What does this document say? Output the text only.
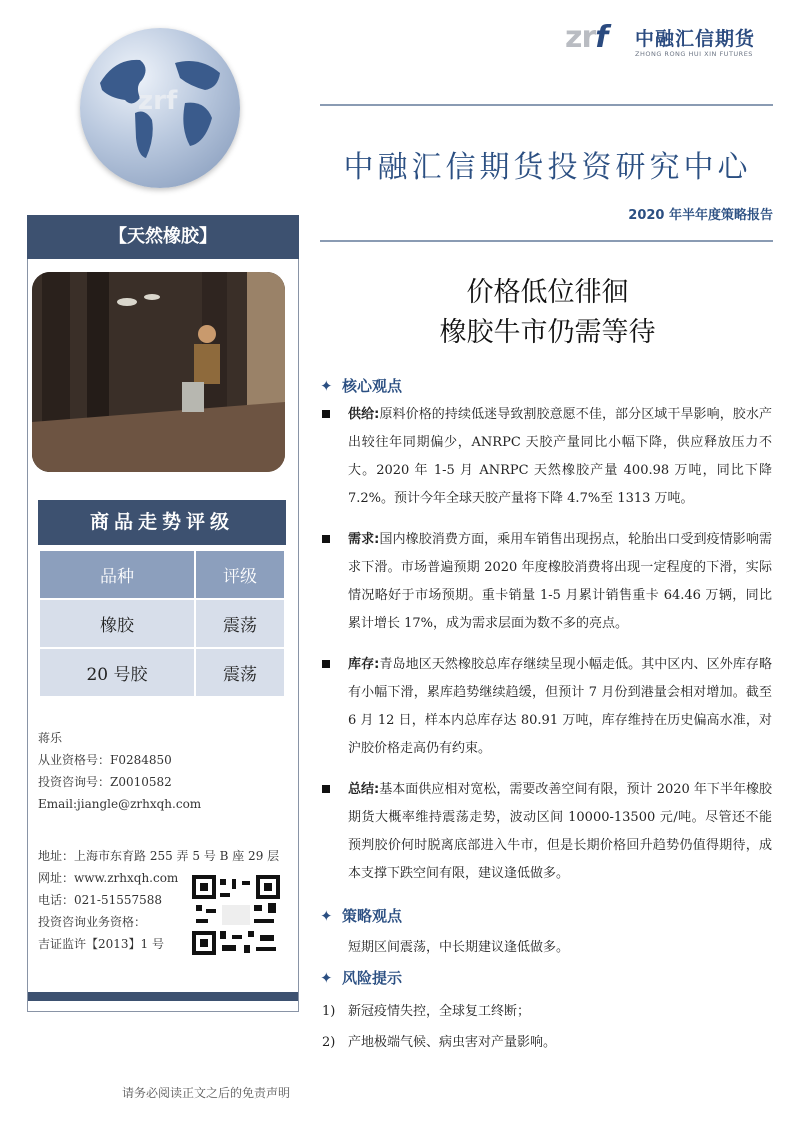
zrf
zrf 中融汇信期货
ZHONG RONG HUI XIN FUTURES
中融汇信期货投资研究中心
2020 年半年度策略报告
价格低位徘徊
橡胶牛市仍需等待
【天然橡胶】
商品走势评级
品种	评级
橡胶	震荡
20 号胶	震荡
蒋乐
从业资格号：F0284850
投资咨询号：Z0010582
Email:jiangle@zrhxqh.com
地址：上海市东育路 255 弄 5 号 B 座 29 层
网址：www.zrhxqh.com
电话：021-51557588
投资咨询业务资格：
吉证监许【2013】1 号
✦ 核心观点
供给:原料价格的持续低迷导致割胶意愿不佳，部分区域干旱影响，胶水产出较往年同期偏少，ANRPC 天胶产量同比小幅下降，供应释放压力不大。2020 年 1-5 月 ANRPC 天然橡胶产量 400.98 万吨，同比下降 7.2%。预计今年全球天胶产量将下降 4.7%至 1313 万吨。
需求:国内橡胶消费方面，乘用车销售出现拐点，轮胎出口受到疫情影响需求下滑。市场普遍预期 2020 年度橡胶消费将出现一定程度的下滑，实际情况略好于市场预期。重卡销量 1-5 月累计销售重卡 64.46 万辆，同比累计增长 17%，成为需求层面为数不多的亮点。
库存:青岛地区天然橡胶总库存继续呈现小幅走低。其中区内、区外库存略有小幅下滑，累库趋势继续趋缓，但预计 7 月份到港量会相对增加。截至 6 月 12 日，样本内总库存达 80.91 万吨，库存维持在历史偏高水准，对沪胶价格走高仍有约束。
总结:基本面供应相对宽松，需要改善空间有限，预计 2020 年下半年橡胶期货大概率维持震荡走势，波动区间 10000-13500 元/吨。尽管还不能预判胶价何时脱离底部进入牛市，但是长期价格回升趋势仍值得期待，成本支撑下跌空间有限，建议逢低做多。
✦ 策略观点
短期区间震荡，中长期建议逢低做多。
✦ 风险提示
1) 新冠疫情失控，全球复工终断；
2) 产地极端气候、病虫害对产量影响。
请务必阅读正文之后的免责声明
